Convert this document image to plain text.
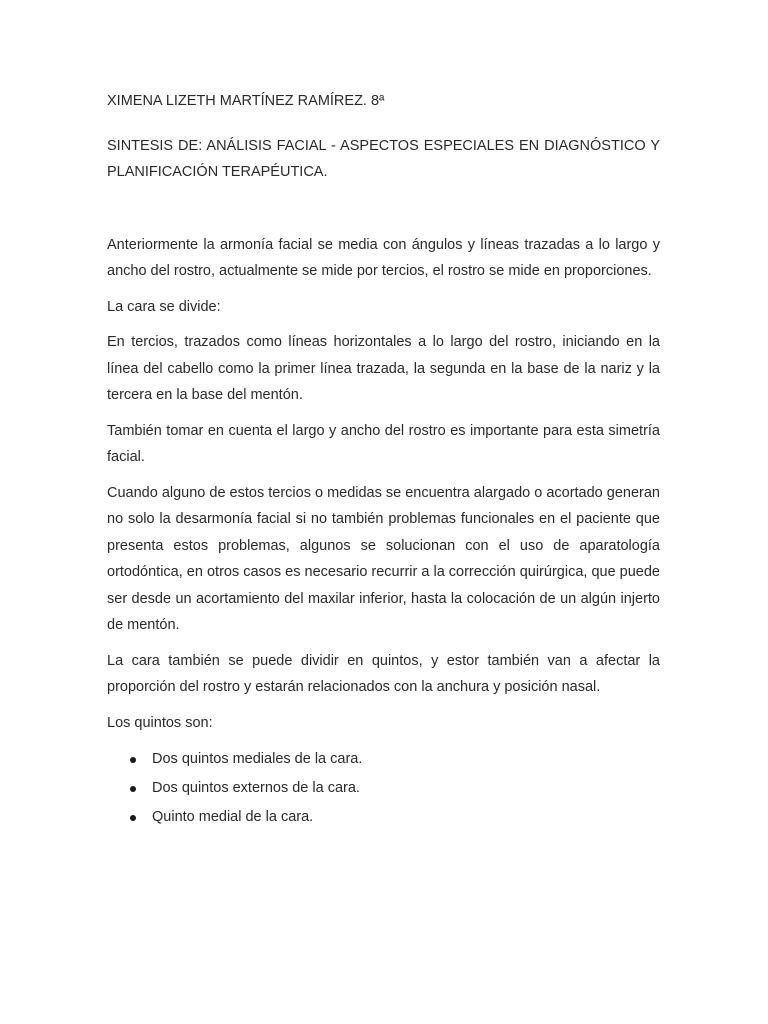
XIMENA LIZETH MARTÍNEZ RAMÍREZ. 8ª

SINTESIS DE: ANÁLISIS FACIAL - ASPECTOS ESPECIALES EN DIAGNÓSTICO Y PLANIFICACIÓN TERAPÉUTICA.

Anteriormente la armonía facial se media con ángulos y líneas trazadas a lo largo y ancho del rostro, actualmente se mide por tercios, el rostro se mide en proporciones.

La cara se divide:

En tercios, trazados como líneas horizontales a lo largo del rostro, iniciando en la línea del cabello como la primer línea trazada, la segunda en la base de la nariz y la tercera en la base del mentón.

También tomar en cuenta el largo y ancho del rostro es importante para esta simetría facial.

Cuando alguno de estos tercios o medidas se encuentra alargado o acortado generan no solo la desarmonía facial si no también problemas funcionales en el paciente que presenta estos problemas, algunos se solucionan con el uso de aparatología ortodóntica, en otros casos es necesario recurrir a la corrección quirúrgica, que puede ser desde un acortamiento del maxilar inferior, hasta la colocación de un algún injerto de mentón.

La cara también se puede dividir en quintos, y estor también van a afectar la proporción del rostro y estarán relacionados con la anchura y posición nasal.

Los quintos son:

Dos quintos mediales de la cara.
Dos quintos externos de la cara.
Quinto medial de la cara.
